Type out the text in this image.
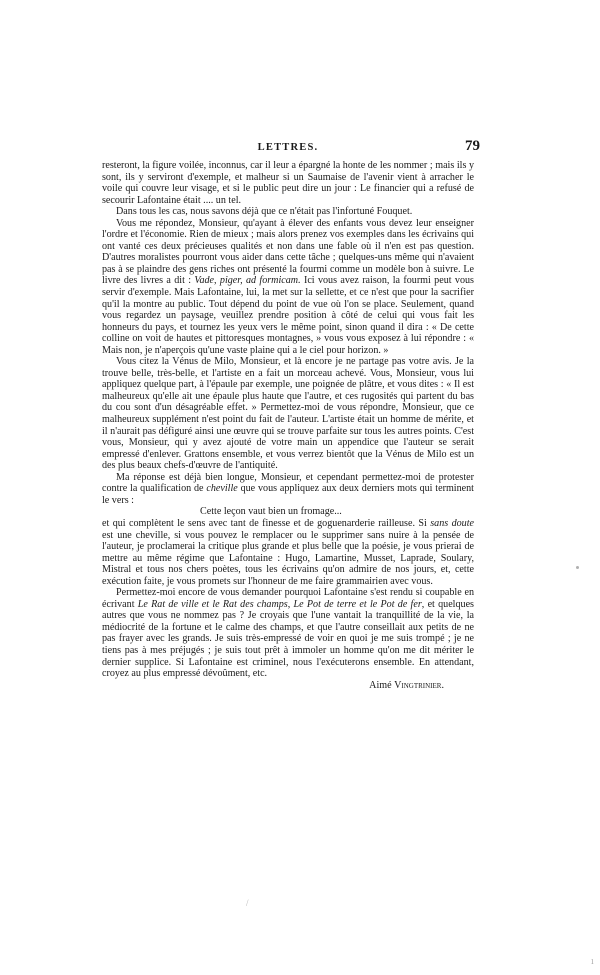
LETTRES.	79

resteront, la figure voilée, inconnus, car il leur a épargné la honte de les nommer ; mais ils y sont, ils y serviront d'exemple, et malheur si un Saumaise de l'avenir vient à arracher le voile qui couvre leur visage, et si le public peut dire un jour : Le financier qui a refusé de secourir Lafontaine était .... un tel.

Dans tous les cas, nous savons déjà que ce n'était pas l'infortuné Fouquet.

Vous me répondez, Monsieur, qu'ayant à élever des enfants vous devez leur enseigner l'ordre et l'économie. Rien de mieux ; mais alors prenez vos exemples dans les écrivains qui ont vanté ces deux précieuses qualités et non dans une fable où il n'en est pas question. D'autres moralistes pourront vous aider dans cette tâche ; quelques-uns même qui n'avaient pas à se plaindre des gens riches ont présenté la fourmi comme un modèle bon à suivre. Le livre des livres a dit : Vade, piger, ad formicam. Ici vous avez raison, la fourmi peut vous servir d'exemple. Mais Lafontaine, lui, la met sur la sellette, et ce n'est que pour la sacrifier qu'il la montre au public. Tout dépend du point de vue où l'on se place. Seulement, quand vous regardez un paysage, veuillez prendre position à côté de celui qui vous fait les honneurs du pays, et tournez les yeux vers le même point, sinon quand il dira : « De cette colline on voit de hautes et pittoresques montagnes, » vous vous exposez à lui répondre : « Mais non, je n'aperçois qu'une vaste plaine qui a le ciel pour horizon. »

Vous citez la Vénus de Milo, Monsieur, et là encore je ne partage pas votre avis. Je la trouve belle, très-belle, et l'artiste en a fait un morceau achevé. Vous, Monsieur, vous lui appliquez quelque part, à l'épaule par exemple, une poignée de plâtre, et vous dites : « Il est malheureux qu'elle ait une épaule plus haute que l'autre, et ces rugosités qui partent du bas du cou sont d'un désagréable effet. » Permettez-moi de vous répondre, Monsieur, que ce malheureux supplément n'est point du fait de l'auteur. L'artiste était un homme de mérite, et il n'aurait pas défiguré ainsi une œuvre qui se trouve parfaite sur tous les autres points. C'est vous, Monsieur, qui y avez ajouté de votre main un appendice que l'auteur se serait empressé d'enlever. Grattons ensemble, et vous verrez bientôt que la Vénus de Milo est un des plus beaux chefs-d'œuvre de l'antiquité.

Ma réponse est déjà bien longue, Monsieur, et cependant permettez-moi de protester contre la qualification de cheville que vous appliquez aux deux derniers mots qui terminent le vers :

Cette leçon vaut bien un fromage...

et qui complètent le sens avec tant de finesse et de goguenarderie railleuse. Si sans doute est une cheville, si vous pouvez le remplacer ou le supprimer sans nuire à la pensée de l'auteur, je proclamerai la critique plus grande et plus belle que la poésie, je vous prierai de mettre au même régime que Lafontaine : Hugo, Lamartine, Musset, Laprade, Soulary, Mistral et tous nos chers poètes, tous les écrivains qu'on admire de nos jours, et, cette exécution faite, je vous promets sur l'honneur de me faire grammairien avec vous.

Permettez-moi encore de vous demander pourquoi Lafontaine s'est rendu si coupable en écrivant Le Rat de ville et le Rat des champs, Le Pot de terre et le Pot de fer, et quelques autres que vous ne nommez pas ? Je croyais que l'une vantait la tranquillité de la vie, la médiocrité de la fortune et le calme des champs, et que l'autre conseillait aux petits de ne pas frayer avec les grands. Je suis très-empressé de voir en quoi je me suis trompé ; je ne tiens pas à mes préjugés ; je suis tout prêt à immoler un homme qu'on me dit mériter le dernier supplice. Si Lafontaine est criminel, nous l'exécuterons ensemble. En attendant, croyez au plus empressé dévoûment, etc.

Aimé Vingtrinier.

/
1
